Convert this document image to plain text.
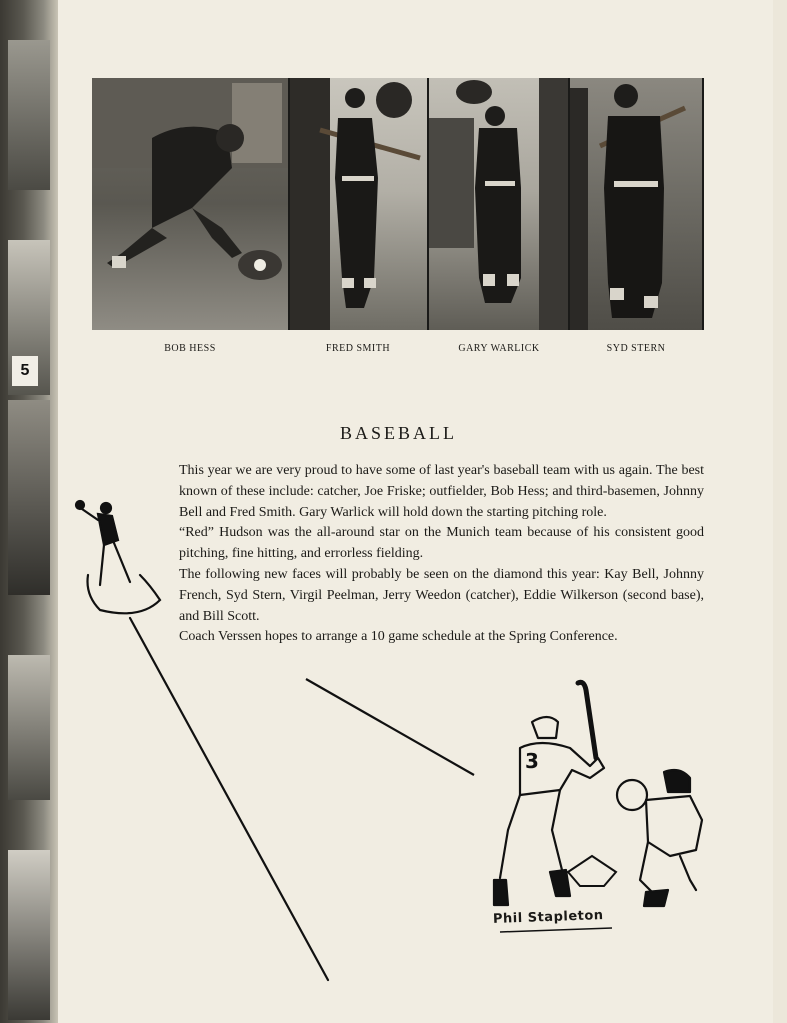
5
BOB HESS	FRED SMITH	GARY WARLICK	SYD STERN
BASEBALL

This year we are very proud to have some of last year's baseball team with us again. The best known of these include: catcher, Joe Friske; outfielder, Bob Hess; and third-basemen, Johnny Bell and Fred Smith. Gary Warlick will hold down the starting pitching role.

“Red” Hudson was the all-around star on the Munich team because of his consistent good pitching, fine hitting, and errorless fielding.

The following new faces will probably be seen on the diamond this year: Kay Bell, Johnny French, Syd Stern, Virgil Peelman, Jerry Weedon (catcher), Eddie Wilkerson (second base), and Bill Scott.

Coach Verssen hopes to arrange a 10 game schedule at the Spring Conference.

3
Phil Stapleton
